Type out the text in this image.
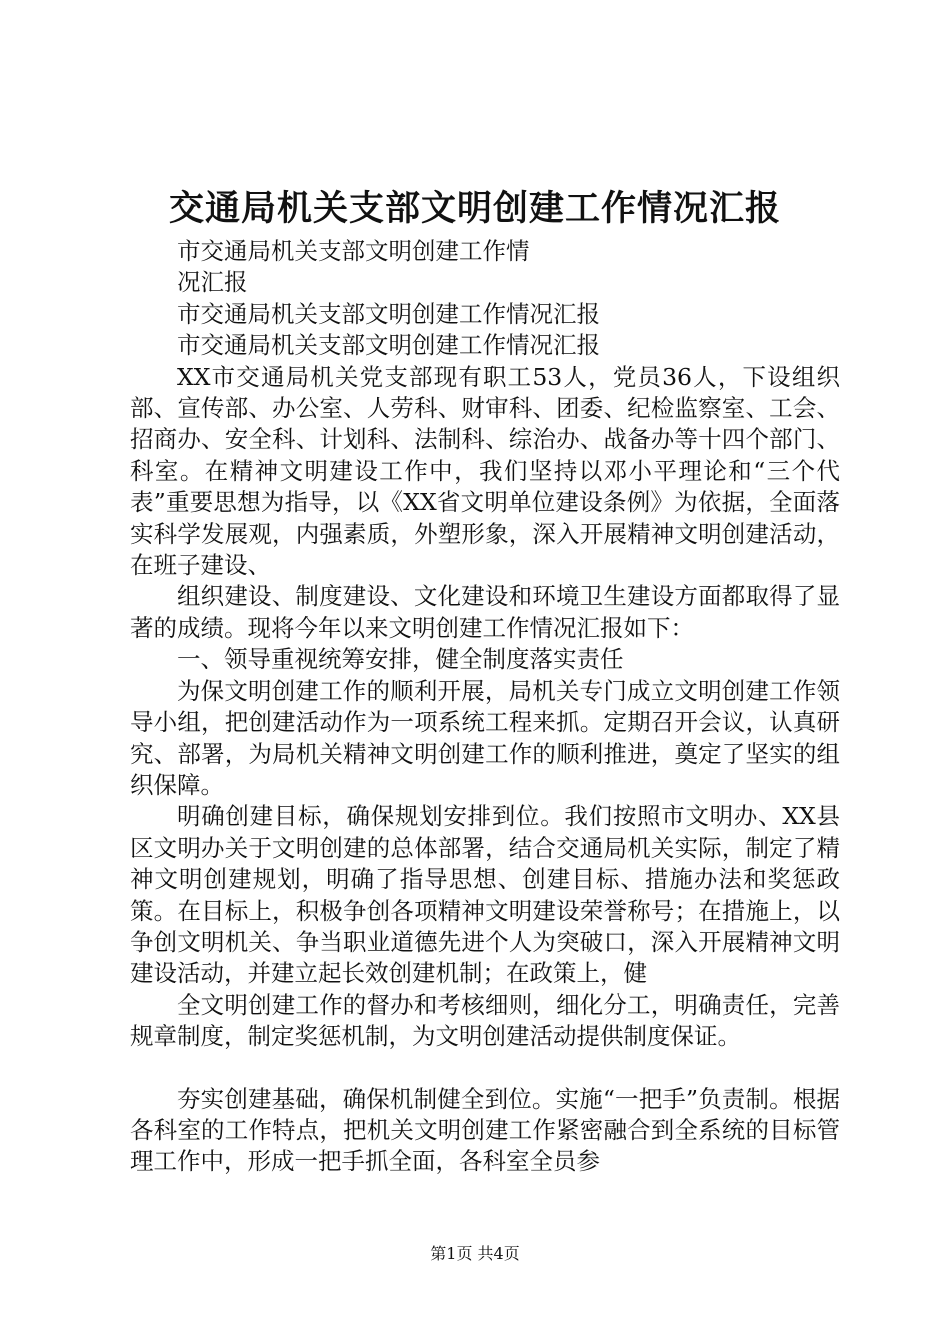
交通局机关支部文明创建工作情况汇报

市交通局机关支部文明创建工作情

况汇报

市交通局机关支部文明创建工作情况汇报

市交通局机关支部文明创建工作情况汇报

XX市交通局机关党支部现有职工53人，党员36人，下设组织部、宣传部、办公室、人劳科、财审科、团委、纪检监察室、工会、招商办、安全科、计划科、法制科、综治办、战备办等十四个部门、科室。在精神文明建设工作中，我们坚持以邓小平理论和“三个代表”重要思想为指导，以《XX省文明单位建设条例》为依据，全面落实科学发展观，内强素质，外塑形象，深入开展精神文明创建活动，在班子建设、

组织建设、制度建设、文化建设和环境卫生建设方面都取得了显著的成绩。现将今年以来文明创建工作情况汇报如下：

一、领导重视统筹安排，健全制度落实责任

为保文明创建工作的顺利开展，局机关专门成立文明创建工作领导小组，把创建活动作为一项系统工程来抓。定期召开会议，认真研究、部署，为局机关精神文明创建工作的顺利推进，奠定了坚实的组织保障。

明确创建目标，确保规划安排到位。我们按照市文明办、XX县区文明办关于文明创建的总体部署，结合交通局机关实际，制定了精神文明创建规划，明确了指导思想、创建目标、措施办法和奖惩政策。在目标上，积极争创各项精神文明建设荣誉称号；在措施上，以争创文明机关、争当职业道德先进个人为突破口，深入开展精神文明建设活动，并建立起长效创建机制；在政策上，健

全文明创建工作的督办和考核细则，细化分工，明确责任，完善规章制度，制定奖惩机制，为文明创建活动提供制度保证。

夯实创建基础，确保机制健全到位。实施“一把手”负责制。根据各科室的工作特点，把机关文明创建工作紧密融合到全系统的目标管理工作中，形成一把手抓全面，各科室全员参

第1页 共4页
